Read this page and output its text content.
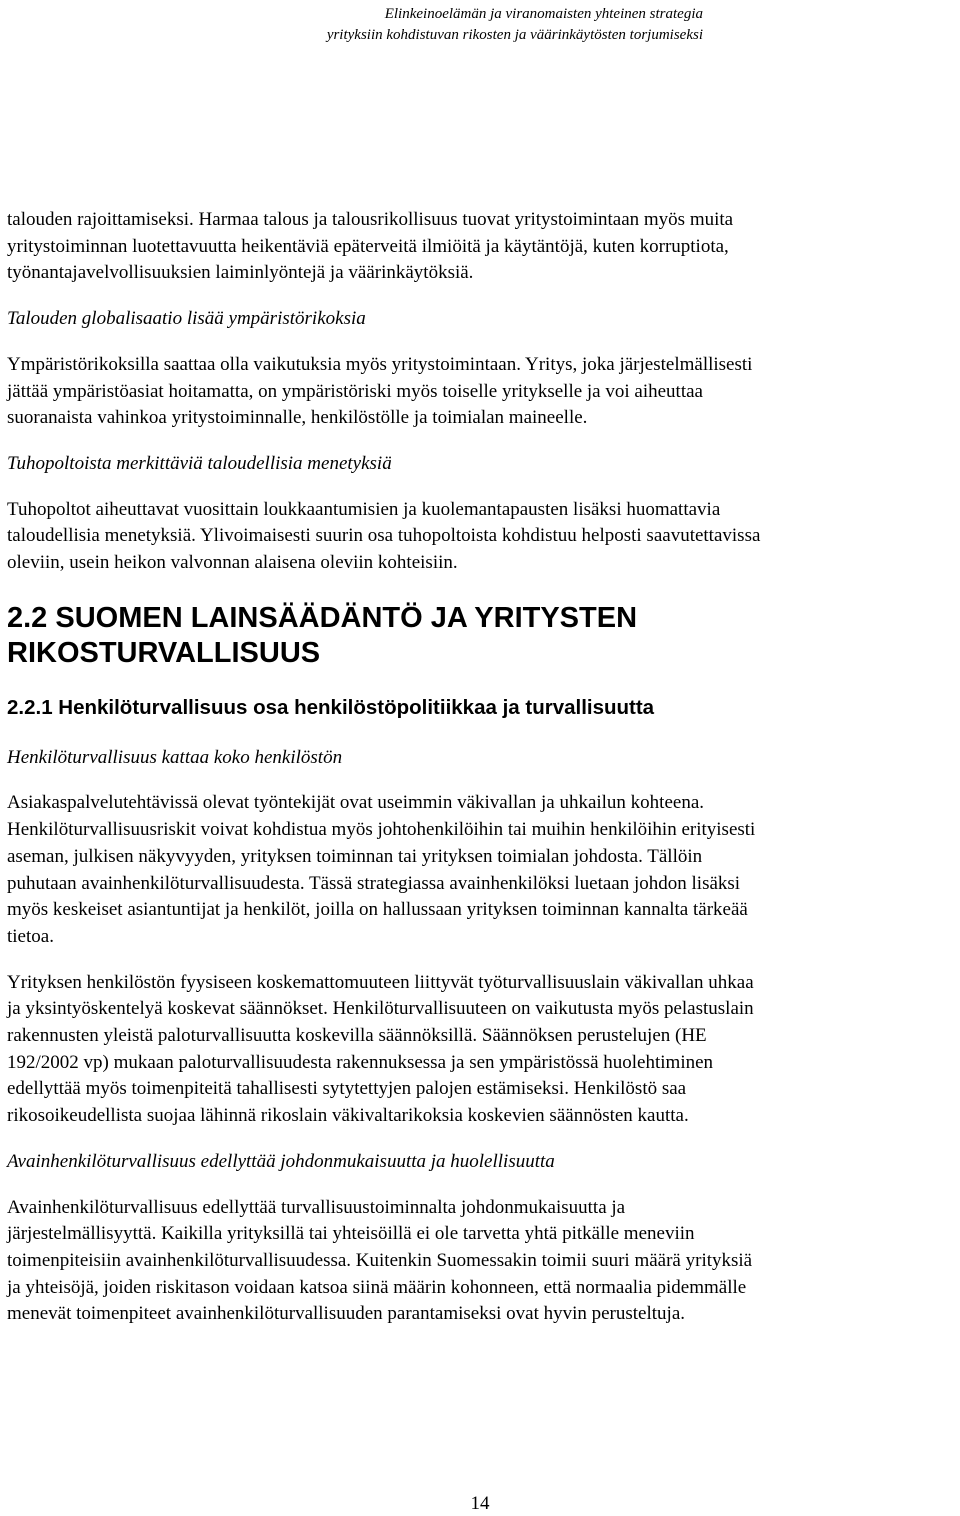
Elinkeinoelämän ja viranomaisten yhteinen strategia
yrityksiin kohdistuvan rikosten ja väärinkäytösten torjumiseksi

talouden rajoittamiseksi. Harmaa talous ja talousrikollisuus tuovat yritystoimintaan myös muita
yritystoiminnan luotettavuutta heikentäviä epäterveitä ilmiöitä ja käytäntöjä, kuten korruptiota,
työnantajavelvollisuuksien laiminlyöntejä ja väärinkäytöksiä.

Talouden globalisaatio lisää ympäristörikoksia

Ympäristörikoksilla saattaa olla vaikutuksia myös yritystoimintaan. Yritys, joka järjestelmällisesti
jättää ympäristöasiat hoitamatta, on ympäristöriski myös toiselle yritykselle ja voi aiheuttaa
suoranaista vahinkoa yritystoiminnalle, henkilöstölle ja toimialan maineelle.

Tuhopoltoista merkittäviä taloudellisia menetyksiä

Tuhopoltot aiheuttavat vuosittain loukkaantumisien ja kuolemantapausten lisäksi huomattavia
taloudellisia menetyksiä. Ylivoimaisesti suurin osa tuhopoltoista kohdistuu helposti saavutettavissa
oleviin, usein heikon valvonnan alaisena oleviin kohteisiin.

2.2 SUOMEN LAINSÄÄDÄNTÖ JA YRITYSTEN
RIKOSTURVALLISUUS
2.2.1 Henkilöturvallisuus osa henkilöstöpolitiikkaa ja turvallisuutta

Henkilöturvallisuus kattaa koko henkilöstön

Asiakaspalvelutehtävissä olevat työntekijät ovat useimmin väkivallan ja uhkailun kohteena.
Henkilöturvallisuusriskit voivat kohdistua myös johtohenkilöihin tai muihin henkilöihin erityisesti
aseman, julkisen näkyvyyden, yrityksen toiminnan tai yrityksen toimialan johdosta. Tällöin
puhutaan avainhenkilöturvallisuudesta. Tässä strategiassa avainhenkilöksi luetaan johdon lisäksi
myös keskeiset asiantuntijat ja henkilöt, joilla on hallussaan yrityksen toiminnan kannalta tärkeää
tietoa.

Yrityksen henkilöstön fyysiseen koskemattomuuteen liittyvät työturvallisuuslain väkivallan uhkaa
ja yksintyöskentelyä koskevat säännökset. Henkilöturvallisuuteen on vaikutusta myös pelastuslain
rakennusten yleistä paloturvallisuutta koskevilla säännöksillä. Säännöksen perustelujen (HE
192/2002 vp) mukaan paloturvallisuudesta rakennuksessa ja sen ympäristössä huolehtiminen
edellyttää myös toimenpiteitä tahallisesti sytytettyjen palojen estämiseksi. Henkilöstö saa
rikosoikeudellista suojaa lähinnä rikoslain väkivaltarikoksia koskevien säännösten kautta.

Avainhenkilöturvallisuus edellyttää johdonmukaisuutta ja huolellisuutta

Avainhenkilöturvallisuus edellyttää turvallisuustoiminnalta johdonmukaisuutta ja
järjestelmällisyyttä. Kaikilla yrityksillä tai yhteisöillä ei ole tarvetta yhtä pitkälle meneviin
toimenpiteisiin avainhenkilöturvallisuudessa. Kuitenkin Suomessakin toimii suuri määrä yrityksiä
ja yhteisöjä, joiden riskitason voidaan katsoa siinä määrin kohonneen, että normaalia pidemmälle
menevät toimenpiteet avainhenkilöturvallisuuden parantamiseksi ovat hyvin perusteltuja.

14
